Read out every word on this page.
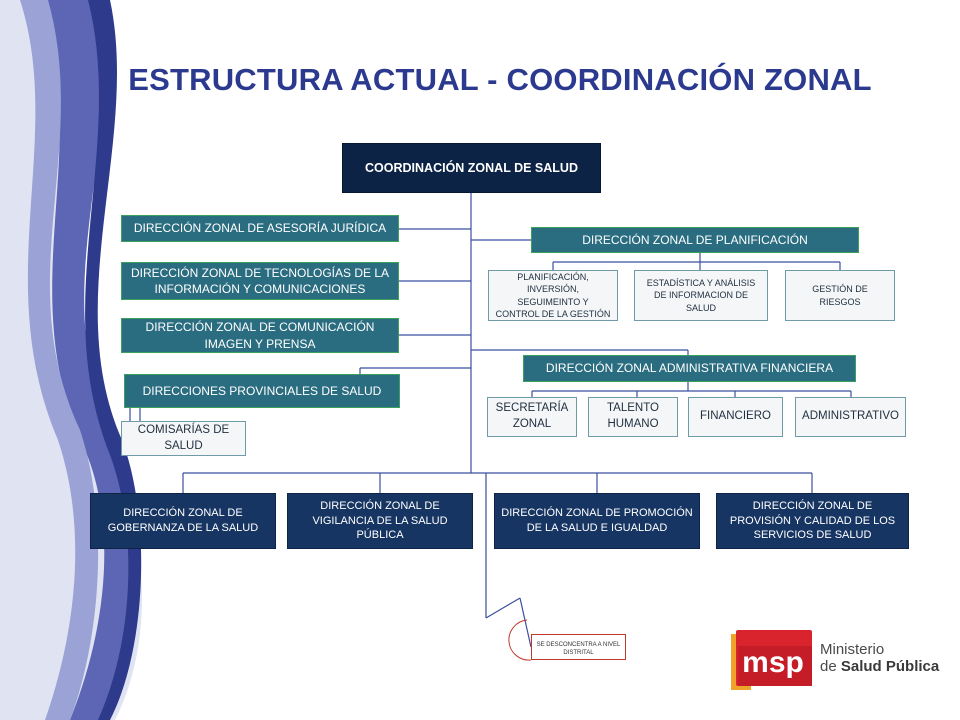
ESTRUCTURA ACTUAL - COORDINACIÓN ZONAL
COORDINACIÓN ZONAL DE SALUD
DIRECCIÓN ZONAL DE ASESORÍA JURÍDICA
DIRECCIÓN ZONAL DE TECNOLOGÍAS DE LA INFORMACIÓN Y COMUNICACIONES
DIRECCIÓN ZONAL DE COMUNICACIÓN IMAGEN Y PRENSA
DIRECCIONES PROVINCIALES DE SALUD
COMISARÍAS DE SALUD
DIRECCIÓN ZONAL DE PLANIFICACIÓN
PLANIFICACIÓN, INVERSIÓN, SEGUIMEINTO Y CONTROL DE LA GESTIÓN
ESTADÍSTICA Y ANÁLISIS DE INFORMACION DE SALUD
GESTIÓN DE RIESGOS
DIRECCIÓN ZONAL ADMINISTRATIVA FINANCIERA
SECRETARÍA ZONAL
TALENTO HUMANO
FINANCIERO	ADMINISTRATIVO
DIRECCIÓN ZONAL DE GOBERNANZA DE LA SALUD
DIRECCIÓN ZONAL DE VIGILANCIA DE LA SALUD PÚBLICA
DIRECCIÓN ZONAL DE PROMOCIÓN DE LA SALUD E IGUALDAD
DIRECCIÓN ZONAL DE PROVISIÓN Y CALIDAD DE LOS SERVICIOS DE SALUD
SE DESCONCENTRA A NIVEL DISTRITAL	msp Ministerio
de Salud Pública
